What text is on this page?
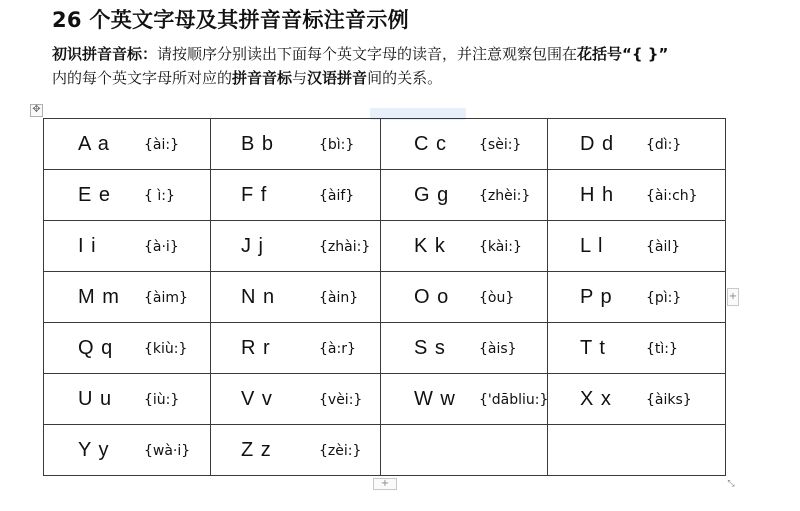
26 个英文字母及其拼音音标注音示例
初识拼音音标：请按顺序分别读出下面每个英文字母的读音，并注意观察包围在花括号“{ }”
内的每个英文字母所对应的拼音音标与汉语拼音间的关系。
✥
A a {ài:}	B b {bì:}	C c {sèi:}	D d {dì:}

E e { ì:}	F f {àif}	G g {zhèi:}	H h {ài:ch}

I i {à·i}	J j {zhài:}	K k {kài:}	L l {àil}

M m {àim}	N n {àin}	O o {òu}	P p {pì:}

Q q {kiù:}	R r {à:r}	S s {àis}	T t {tì:}

U u {iù:}	V v {vèi:}	W w {'dābliu:}	X x {àiks}

Y y {wà·i}	Z z {zèi:}		

+
+	⤡
